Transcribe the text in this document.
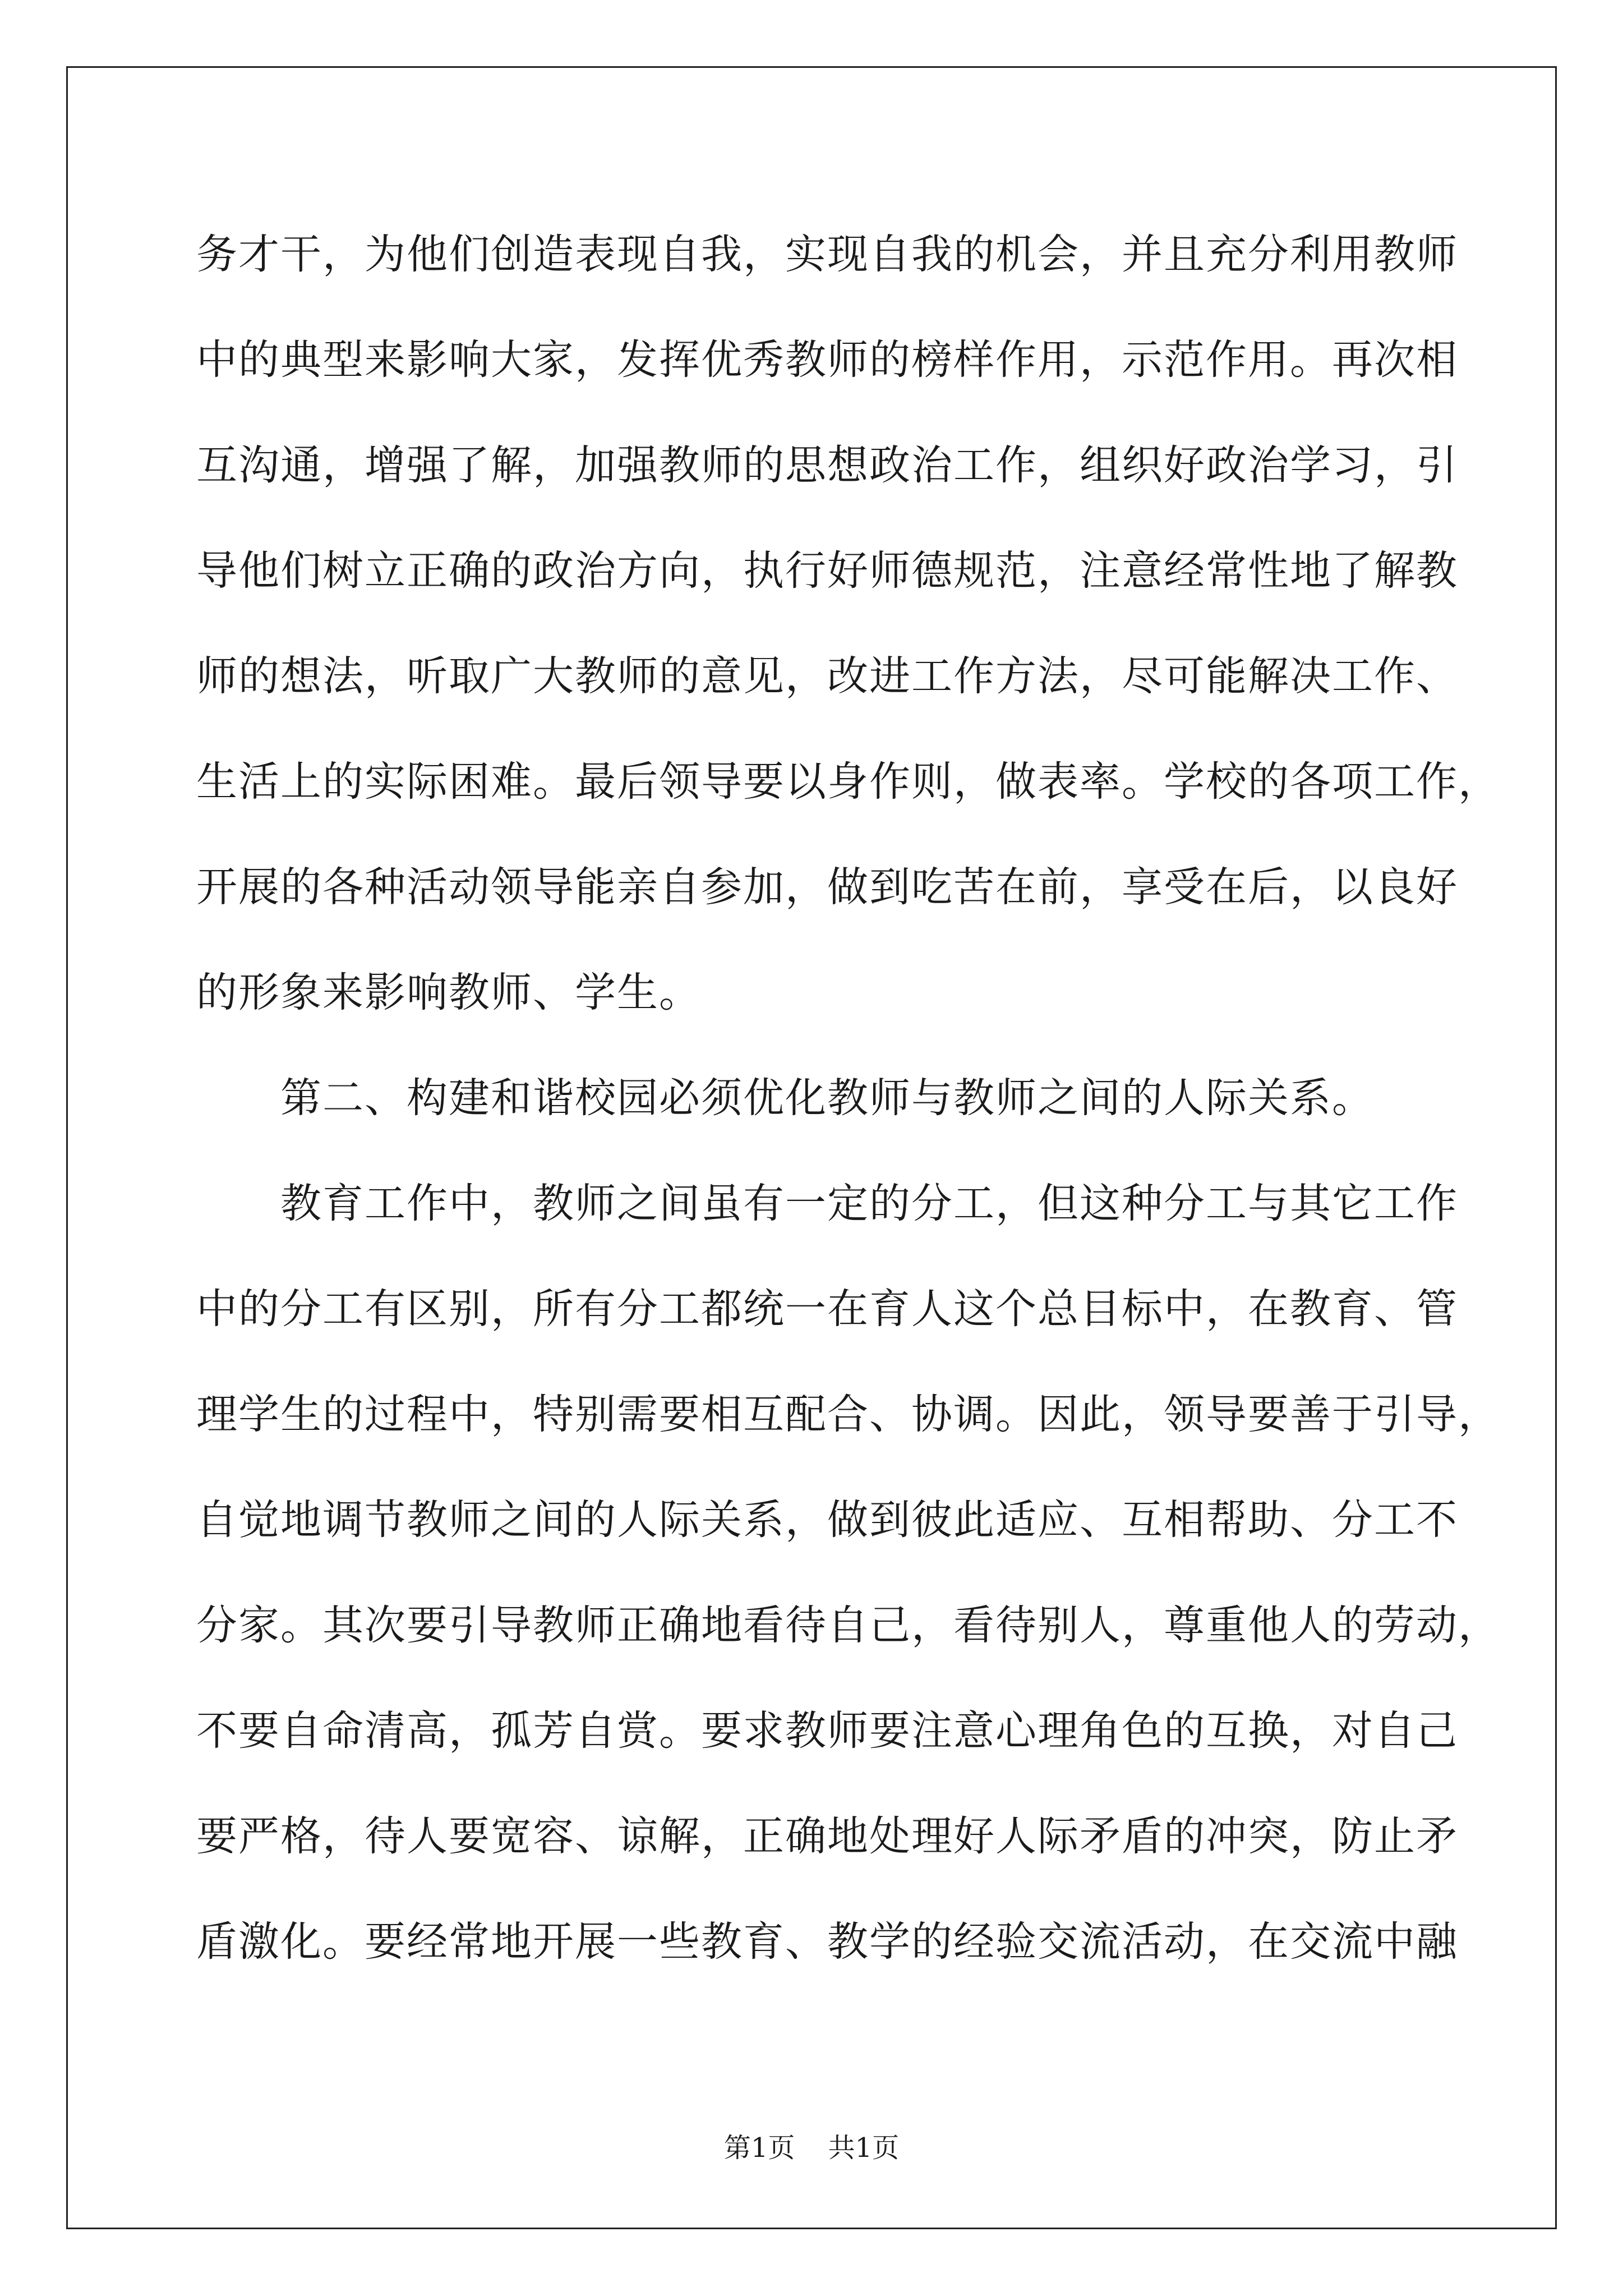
务才干，为他们创造表现自我，实现自我的机会，并且充分利用教师
中的典型来影响大家，发挥优秀教师的榜样作用，示范作用。再次相
互沟通，增强了解，加强教师的思想政治工作，组织好政治学习，引
导他们树立正确的政治方向，执行好师德规范，注意经常性地了解教
师的想法，听取广大教师的意见，改进工作方法，尽可能解决工作、
生活上的实际困难。最后领导要以身作则，做表率。学校的各项工作，
开展的各种活动领导能亲自参加，做到吃苦在前，享受在后，以良好
的形象来影响教师、学生。
第二、构建和谐校园必须优化教师与教师之间的人际关系。
教育工作中，教师之间虽有一定的分工，但这种分工与其它工作
中的分工有区别，所有分工都统一在育人这个总目标中，在教育、管
理学生的过程中，特别需要相互配合、协调。因此，领导要善于引导，
自觉地调节教师之间的人际关系，做到彼此适应、互相帮助、分工不
分家。其次要引导教师正确地看待自己，看待别人，尊重他人的劳动，
不要自命清高，孤芳自赏。要求教师要注意心理角色的互换，对自己
要严格，待人要宽容、谅解，正确地处理好人际矛盾的冲突，防止矛
盾激化。要经常地开展一些教育、教学的经验交流活动，在交流中融
第1页 共1页
